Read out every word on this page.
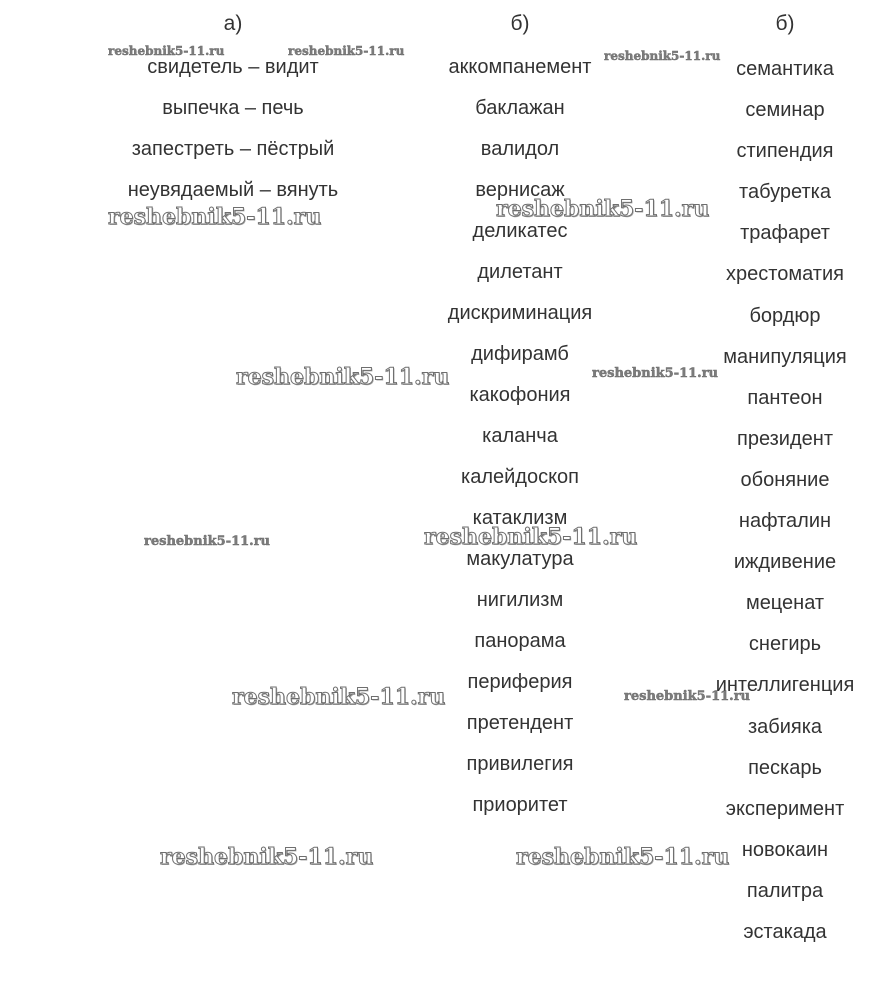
а)
свидетель – видит
выпечка – печь
запестреть – пёстрый
неувядаемый – вянуть
б)
аккомпанемент
баклажан
валидол
вернисаж
деликатес
дилетант
дискриминация
дифирамб
какофония
каланча
калейдоскоп
катаклизм
макулатура
нигилизм
панорама
периферия
претендент
привилегия
приоритет
б)
семантика
семинар
стипендия
табуретка
трафарет
хрестоматия
бордюр
манипуляция
пантеон
президент
обоняние
нафталин
иждивение
меценат
снегирь
интеллигенция
забияка
пескарь
эксперимент
новокаин
палитра
эстакада
reshebnik5-11.ru	reshebnik5-11.ru	reshebnik5-11.ru
reshebnik5-11.ru	reshebnik5-11.ru
reshebnik5-11.ru	reshebnik5-11.ru
reshebnik5-11.ru	reshebnik5-11.ru
reshebnik5-11.ru	reshebnik5-11.ru
reshebnik5-11.ru	reshebnik5-11.ru
